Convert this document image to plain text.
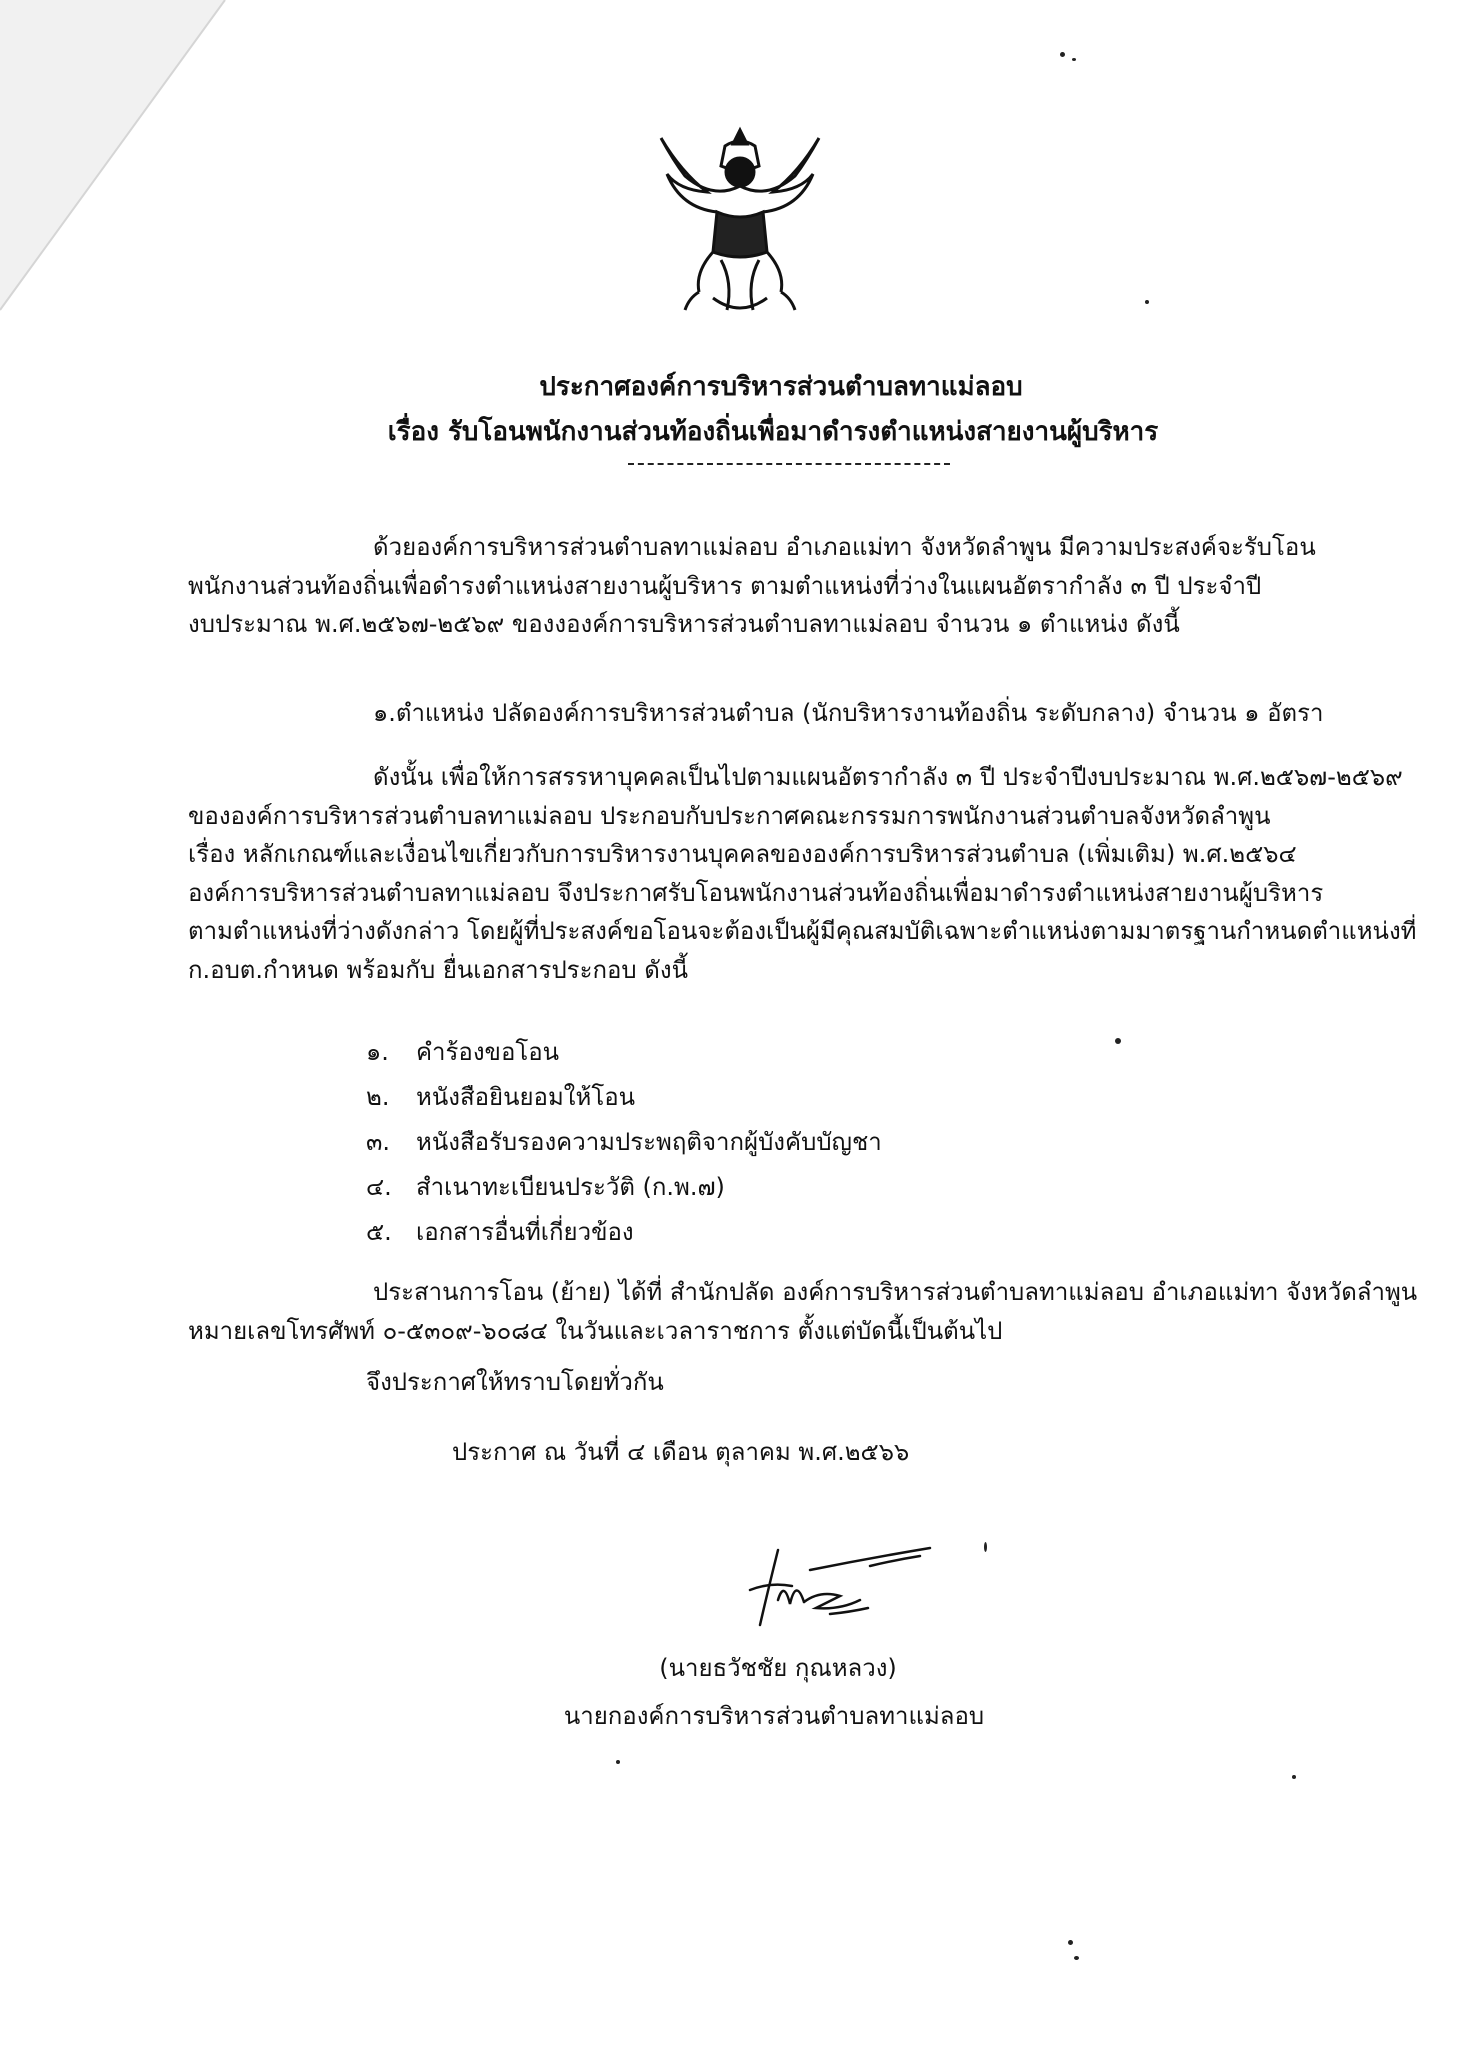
ประกาศองค์การบริหารส่วนตำบลทาแม่ลอบ
เรื่อง รับโอนพนักงานส่วนท้องถิ่นเพื่อมาดำรงตำแหน่งสายงานผู้บริหาร
ด้วยองค์การบริหารส่วนตำบลทาแม่ลอบ อำเภอแม่ทา จังหวัดลำพูน มีความประสงค์จะรับโอน
พนักงานส่วนท้องถิ่นเพื่อดำรงตำแหน่งสายงานผู้บริหาร ตามตำแหน่งที่ว่างในแผนอัตรากำลัง ๓ ปี ประจำปี
งบประมาณ พ.ศ.๒๕๖๗-๒๕๖๙ ของงองค์การบริหารส่วนตำบลทาแม่ลอบ จำนวน ๑ ตำแหน่ง ดังนี้
๑.ตำแหน่ง ปลัดองค์การบริหารส่วนตำบล (นักบริหารงานท้องถิ่น ระดับกลาง) จำนวน ๑ อัตรา
ดังนั้น เพื่อให้การสรรหาบุคคลเป็นไปตามแผนอัตรากำลัง ๓ ปี ประจำปีงบประมาณ พ.ศ.๒๕๖๗-๒๕๖๙
ขององค์การบริหารส่วนตำบลทาแม่ลอบ ประกอบกับประกาศคณะกรรมการพนักงานส่วนตำบลจังหวัดลำพูน
เรื่อง หลักเกณฑ์และเงื่อนไขเกี่ยวกับการบริหารงานบุคคลขององค์การบริหารส่วนตำบล (เพิ่มเติม) พ.ศ.๒๕๖๔
องค์การบริหารส่วนตำบลทาแม่ลอบ จึงประกาศรับโอนพนักงานส่วนท้องถิ่นเพื่อมาดำรงตำแหน่งสายงานผู้บริหาร
ตามตำแหน่งที่ว่างดังกล่าว โดยผู้ที่ประสงค์ขอโอนจะต้องเป็นผู้มีคุณสมบัติเฉพาะตำแหน่งตามมาตรฐานกำหนดตำแหน่งที่
ก.อบต.กำหนด พร้อมกับ ยื่นเอกสารประกอบ ดังนี้
๑.	คำร้องขอโอน
๒.	หนังสือยินยอมให้โอน
๓.	หนังสือรับรองความประพฤติจากผู้บังคับบัญชา
๔.	สำเนาทะเบียนประวัติ (ก.พ.๗)
๕.	เอกสารอื่นที่เกี่ยวข้อง
ประสานการโอน (ย้าย) ได้ที่ สำนักปลัด องค์การบริหารส่วนตำบลทาแม่ลอบ อำเภอแม่ทา จังหวัดลำพูน
หมายเลขโทรศัพท์ ๐-๕๓๐๙-๖๐๘๔ ในวันและเวลาราชการ ตั้งแต่บัดนี้เป็นต้นไป
จึงประกาศให้ทราบโดยทั่วกัน
ประกาศ ณ วันที่ ๔ เดือน ตุลาคม พ.ศ.๒๕๖๖
(นายธวัชชัย กุณหลวง)
นายกองค์การบริหารส่วนตำบลทาแม่ลอบ
